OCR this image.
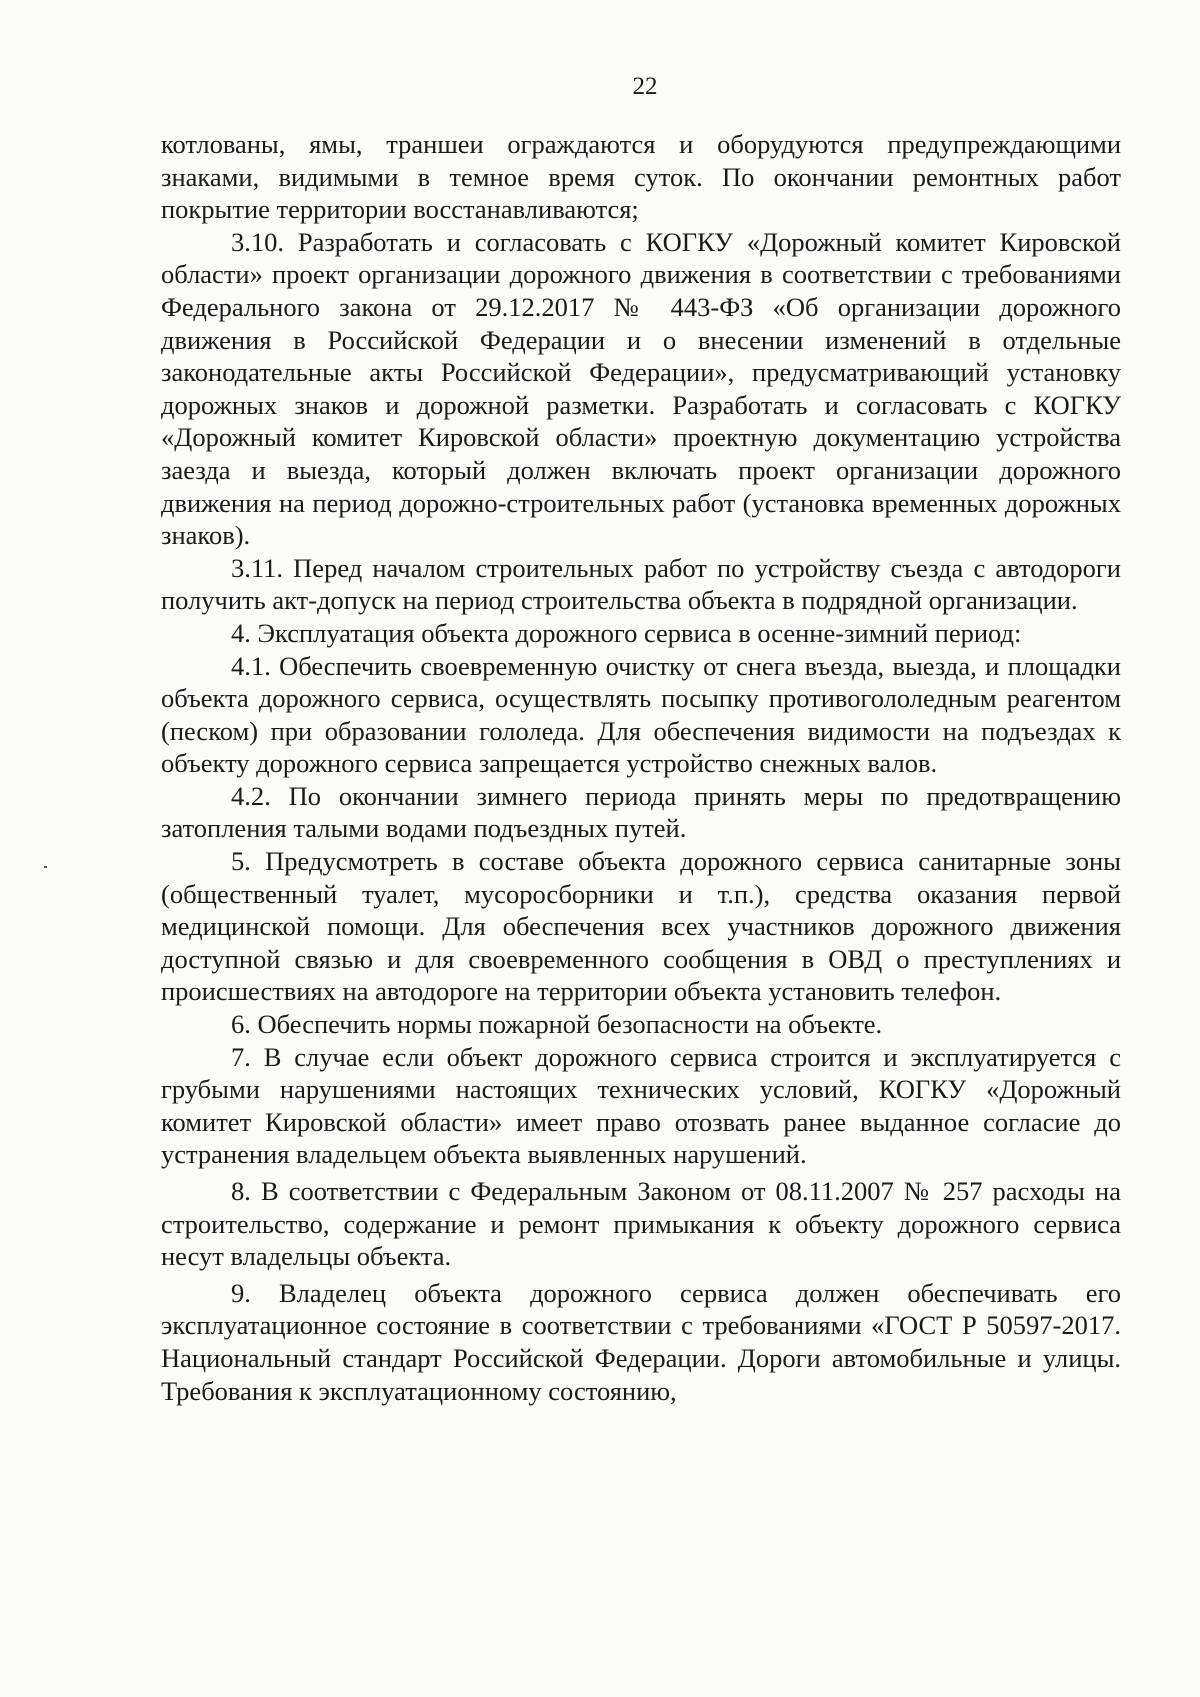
22

котлованы, ямы, траншеи ограждаются и оборудуются предупреждающими знаками, видимыми в темное время суток. По окончании ремонтных работ покрытие территории восстанавливаются;

3.10. Разработать и согласовать с КОГКУ «Дорожный комитет Кировской области» проект организации дорожного движения в соответствии с требованиями Федерального закона от 29.12.2017 № 443-ФЗ «Об организации дорожного движения в Российской Федерации и о внесении изменений в отдельные законодательные акты Российской Федерации», предусматривающий установку дорожных знаков и дорожной разметки. Разработать и согласовать с КОГКУ «Дорожный комитет Кировской области» проектную документацию устройства заезда и выезда, который должен включать проект организации дорожного движения на период дорожно-строительных работ (установка временных дорожных знаков).

3.11. Перед началом строительных работ по устройству съезда с автодороги получить акт-допуск на период строительства объекта в подрядной организации.

4. Эксплуатация объекта дорожного сервиса в осенне-зимний период:

4.1. Обеспечить своевременную очистку от снега въезда, выезда, и площадки объекта дорожного сервиса, осуществлять посыпку противогололедным реагентом (песком) при образовании гололеда. Для обеспечения видимости на подъездах к объекту дорожного сервиса запрещается устройство снежных валов.

4.2. По окончании зимнего периода принять меры по предотвращению затопления талыми водами подъездных путей.

5. Предусмотреть в составе объекта дорожного сервиса санитарные зоны (общественный туалет, мусоросборники и т.п.), средства оказания первой медицинской помощи. Для обеспечения всех участников дорожного движения доступной связью и для своевременного сообщения в ОВД о преступлениях и происшествиях на автодороге на территории объекта установить телефон.

6. Обеспечить нормы пожарной безопасности на объекте.

7. В случае если объект дорожного сервиса строится и эксплуатируется с грубыми нарушениями настоящих технических условий, КОГКУ «Дорожный комитет Кировской области» имеет право отозвать ранее выданное согласие до устранения владельцем объекта выявленных нарушений.

8. В соответствии с Федеральным Законом от 08.11.2007 № 257 расходы на строительство, содержание и ремонт примыкания к объекту дорожного сервиса несут владельцы объекта.

9. Владелец объекта дорожного сервиса должен обеспечивать его эксплуатационное состояние в соответствии с требованиями «ГОСТ Р 50597-2017. Национальный стандарт Российской Федерации. Дороги автомобильные и улицы. Требования к эксплуатационному состоянию,
